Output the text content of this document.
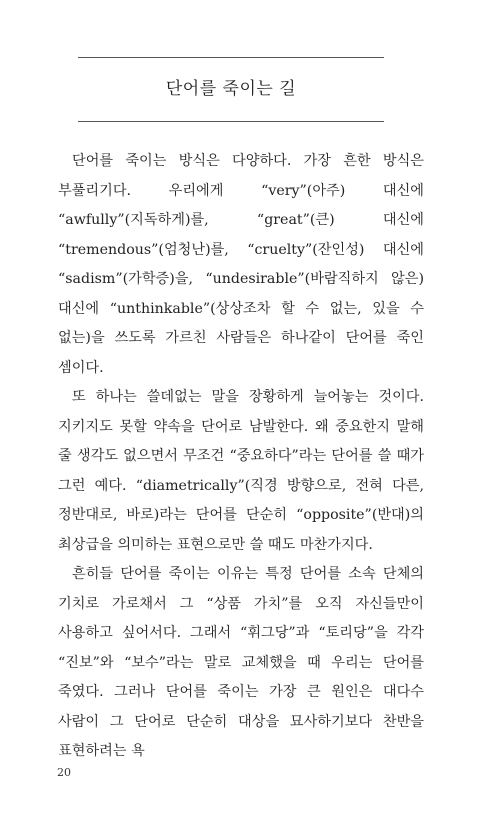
단어를 죽이는 길

단어를 죽이는 방식은 다양하다. 가장 흔한 방식은 부풀리기다. 우리에게 “very”(아주) 대신에 “awfully”(지독하게)를, “great”(큰) 대신에 “tremendous”(엄청난)를, “cruelty”(잔인성) 대신에 “sadism”(가학증)을, “undesirable”(바람직하지 않은) 대신에 “unthinkable”(상상조차 할 수 없는, 있을 수 없는)을 쓰도록 가르친 사람들은 하나같이 단어를 죽인 셈이다.

또 하나는 쓸데없는 말을 장황하게 늘어놓는 것이다. 지키지도 못할 약속을 단어로 남발한다. 왜 중요한지 말해 줄 생각도 없으면서 무조건 “중요하다”라는 단어를 쓸 때가 그런 예다. “diametrically”(직경 방향으로, 전혀 다른, 정반대로, 바로)라는 단어를 단순히 “opposite”(반대)의 최상급을 의미하는 표현으로만 쓸 때도 마찬가지다.

흔히들 단어를 죽이는 이유는 특정 단어를 소속 단체의 기치로 가로채서 그 “상품 가치”를 오직 자신들만이 사용하고 싶어서다. 그래서 “휘그당”과 “토리당”을 각각 “진보”와 “보수”라는 말로 교체했을 때 우리는 단어를 죽였다. 그러나 단어를 죽이는 가장 큰 원인은 대다수 사람이 그 단어로 단순히 대상을 묘사하기보다 찬반을 표현하려는 욕

20
